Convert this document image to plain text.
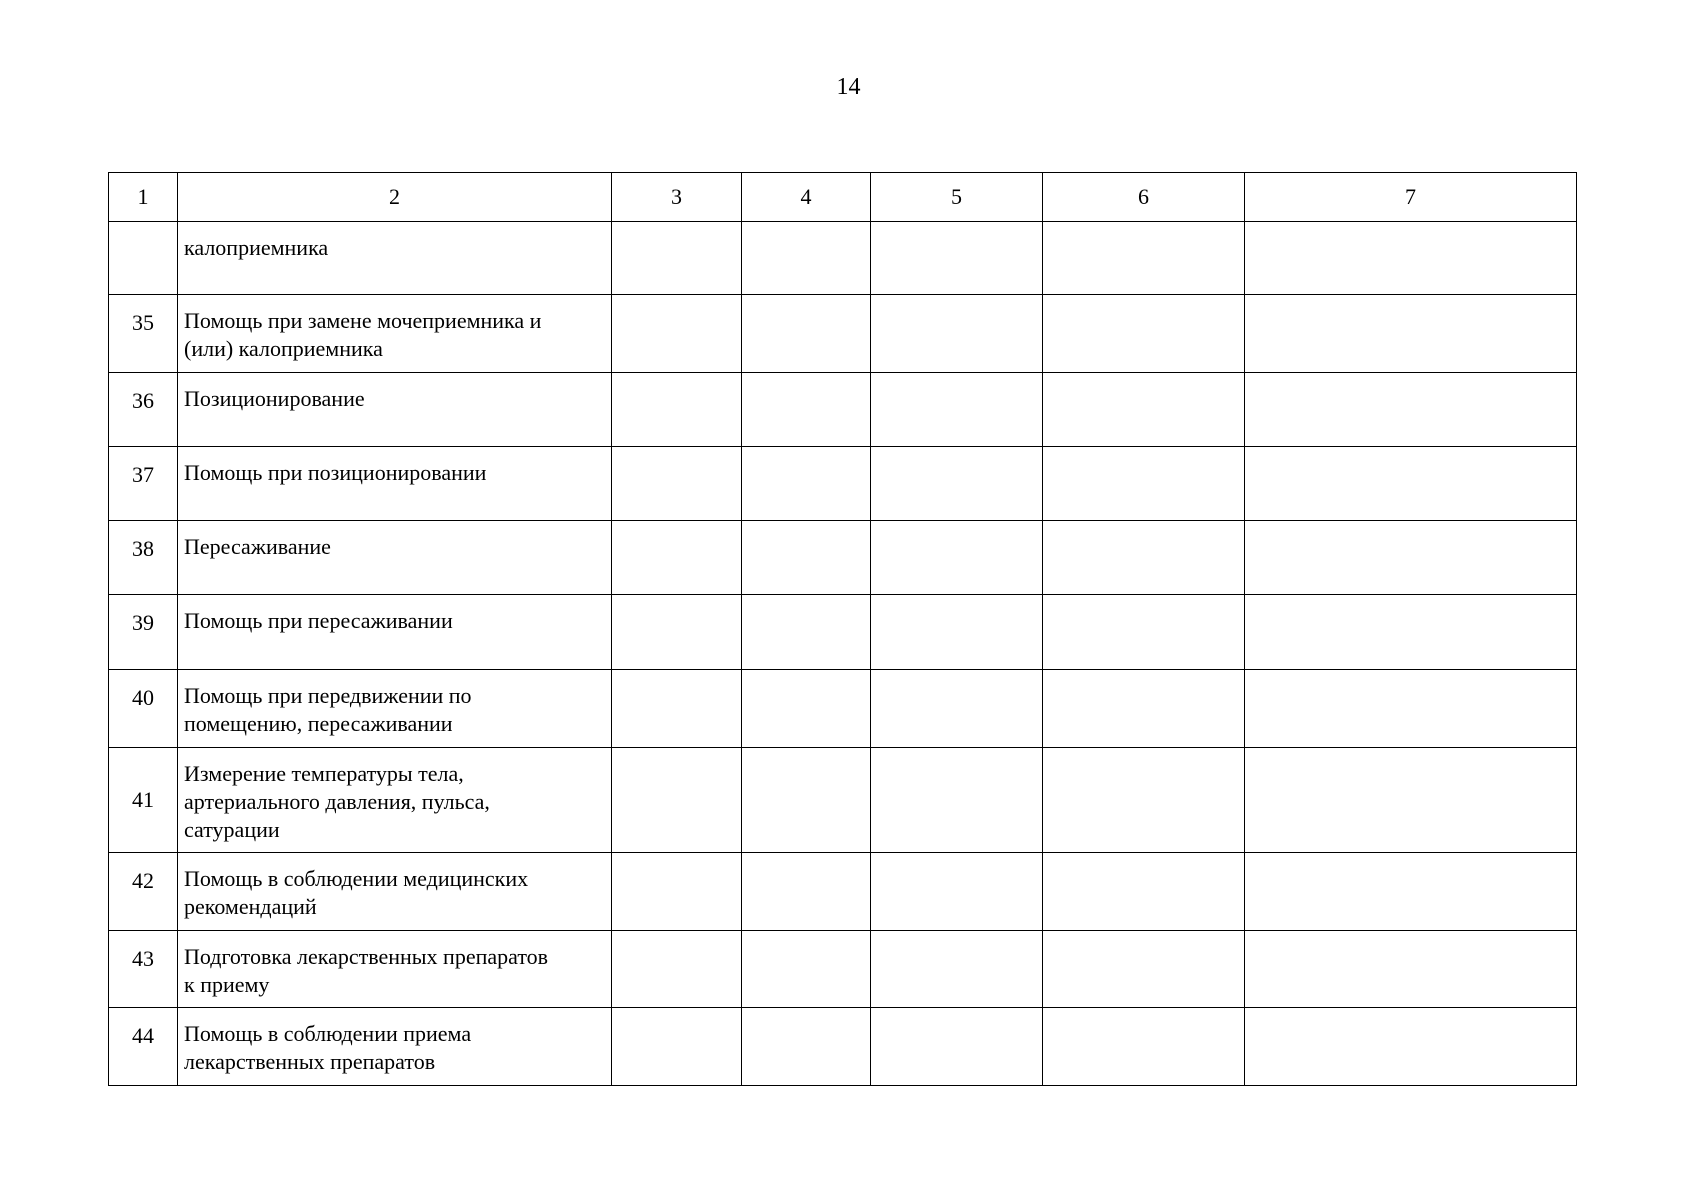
14
1	2	3	4	5	6	7

	калоприемника					

35	Помощь при замене мочеприемника и
(или) калоприемника					

36	Позиционирование					

37	Помощь при позиционировании					

38	Пересаживание					

39	Помощь при пересаживании					

40	Помощь при передвижении по
помещению, пересаживании					

41	Измерение температуры тела,
артериального давления, пульса,
сатурации					

42	Помощь в соблюдении медицинских
рекомендаций					

43	Подготовка лекарственных препаратов
к приему					

44	Помощь в соблюдении приема
лекарственных препаратов					
